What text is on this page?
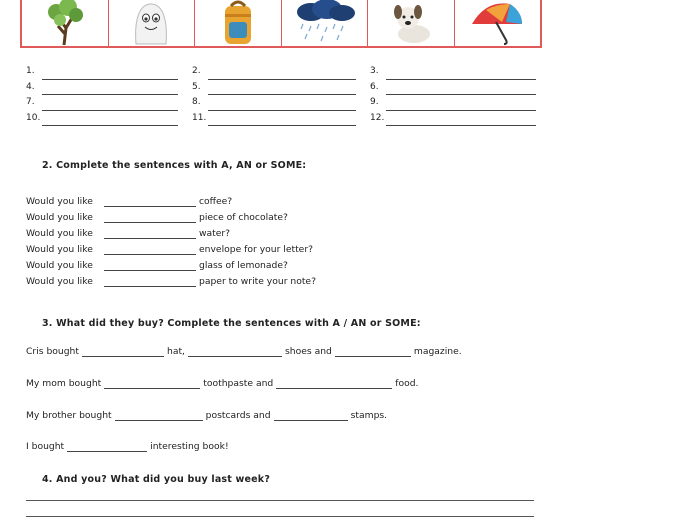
1.	2.	3.
4.	5.	6.
7.	8.	9.
10.	11.	12.
2. Complete the sentences with A, AN or SOME:
Would you like	coffee?
Would you like	piece of chocolate?
Would you like	water?
Would you like	envelope for your letter?
Would you like	glass of lemonade?
Would you like	paper to write your note?
3. What did they buy? Complete the sentences with A / AN or SOME:
Cris bought	hat,	shoes and	magazine.
My mom bought	toothpaste and	food.
My brother bought	postcards and	stamps.
I bought	interesting book!
4. And you? What did you buy last week?
